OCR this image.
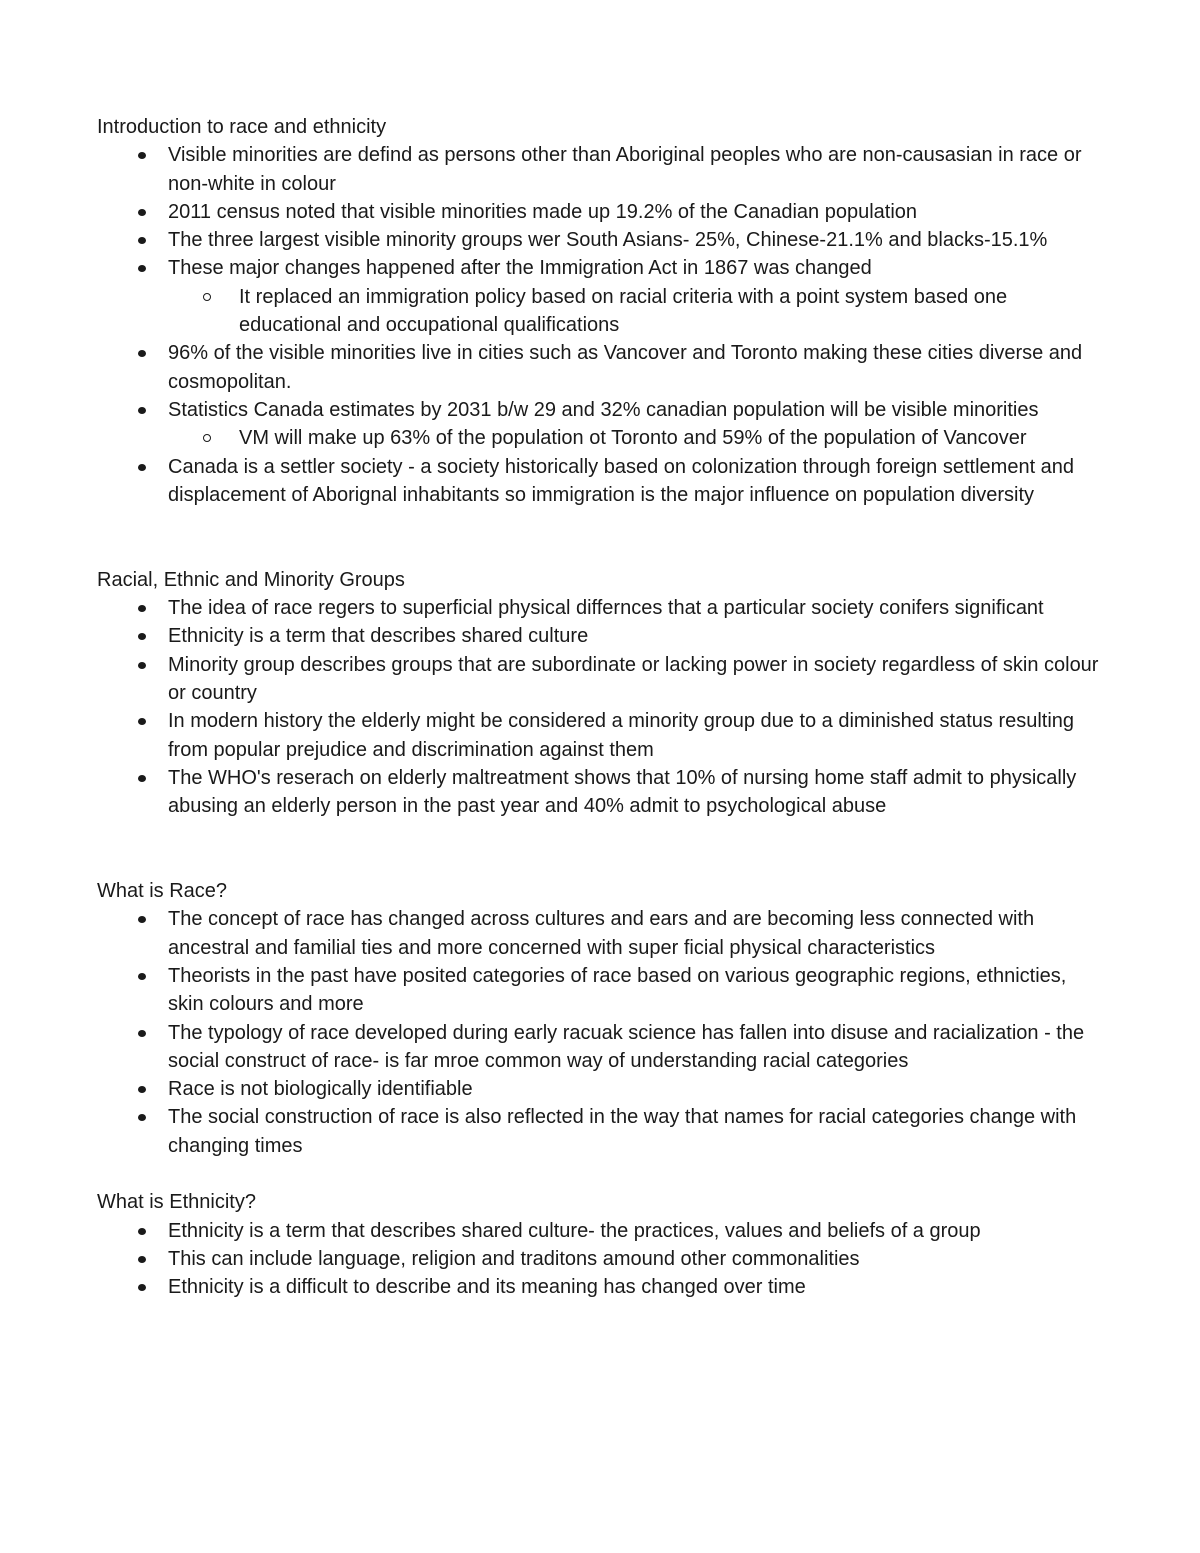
Introduction to race and ethnicity

Visible minorities are defind as persons other than Aboriginal peoples who are non-causasian in race or non-white in colour
2011 census noted that visible minorities made up 19.2% of the Canadian population
The three largest visible minority groups wer South Asians- 25%, Chinese-21.1% and blacks-15.1%
These major changes happened after the Immigration Act in 1867 was changed
It replaced an immigration policy based on racial criteria with a point system based one educational and occupational qualifications
96% of the visible minorities live in cities such as Vancover and Toronto making these cities diverse and cosmopolitan.
Statistics Canada estimates by 2031 b/w 29 and 32% canadian population will be visible minorities
VM will make up 63% of the population ot Toronto and 59% of the population of Vancover
Canada is a settler society - a society historically based on colonization through foreign settlement and displacement of Aborignal inhabitants so immigration is the major influence on population diversity

Racial, Ethnic and Minority Groups

The idea of race regers to superficial physical differnces that a particular society conifers significant
Ethnicity is a term that describes shared culture
Minority group describes groups that are subordinate or lacking power in society regardless of skin colour or country
In modern history the elderly might be considered a minority group due to a diminished status resulting from popular prejudice and discrimination against them
The WHO's reserach on elderly maltreatment shows that 10% of nursing home staff admit to physically abusing an elderly person in the past year and 40% admit to psychological abuse

What is Race?

The concept of race has changed across cultures and ears and are becoming less connected with ancestral and familial ties and more concerned with super ficial physical characteristics
Theorists in the past have posited categories of race based on various geographic regions, ethnicties, skin colours and more
The typology of race developed during early racuak science has fallen into disuse and racialization - the social construct of race- is far mroe common way of understanding racial categories
Race is not biologically identifiable
The social construction of race is also reflected in the way that names for racial categories change with changing times

What is Ethnicity?

Ethnicity is a term that describes shared culture- the practices, values and beliefs of a group
This can include language, religion and traditons amound other commonalities
Ethnicity is a difficult to describe and its meaning has changed over time
